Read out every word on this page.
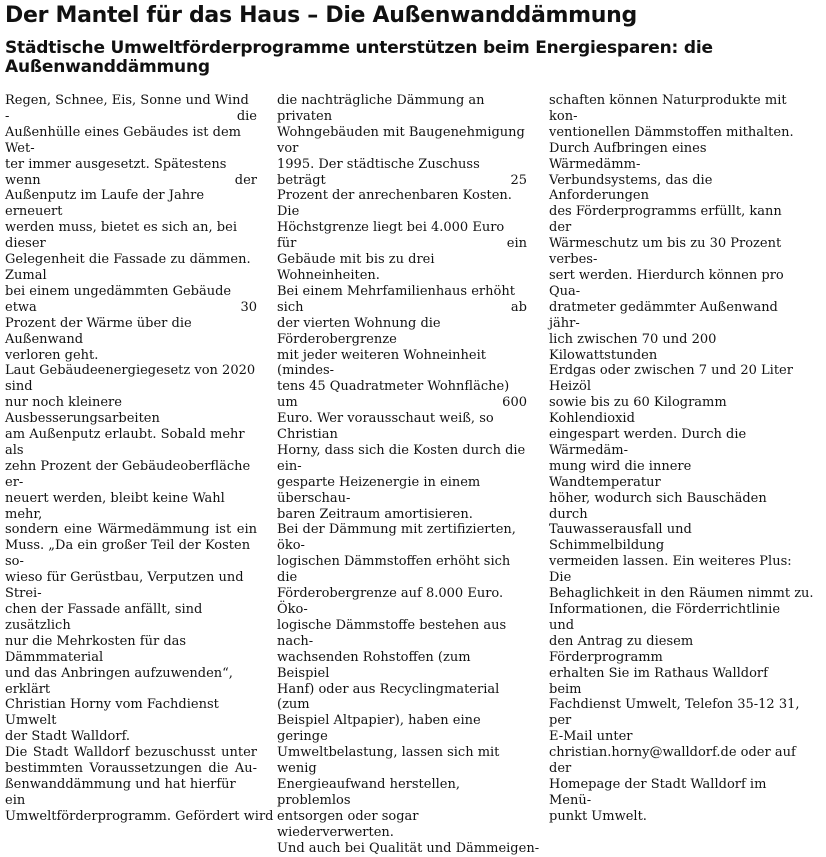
Der Mantel für das Haus – Die Außenwanddämmung
Städtische Umweltförderprogramme unterstützen beim Energiesparen: die Außenwanddämmung
Regen, Schnee, Eis, Sonne und Wind - die
Außenhülle eines Gebäudes ist dem Wet-
ter immer ausgesetzt. Spätestens wenn der
Außenputz im Laufe der Jahre erneuert
werden muss, bietet es sich an, bei dieser
Gelegenheit die Fassade zu dämmen. Zumal
bei einem ungedämmten Gebäude etwa 30
Prozent der Wärme über die Außenwand
verloren geht.
Laut Gebäudeenergiegesetz von 2020 sind
nur noch kleinere Ausbesserungsarbeiten
am Außenputz erlaubt. Sobald mehr als
zehn Prozent der Gebäudeoberfläche er-
neuert werden, bleibt keine Wahl mehr,
sondern eine Wärmedämmung ist ein
Muss. „Da ein großer Teil der Kosten so-
wieso für Gerüstbau, Verputzen und Strei-
chen der Fassade anfällt, sind zusätzlich
nur die Mehrkosten für das Dämmmaterial
und das Anbringen aufzuwenden“, erklärt
Christian Horny vom Fachdienst Umwelt
der Stadt Walldorf.
Die Stadt Walldorf bezuschusst unter
bestimmten Voraussetzungen die Au-
ßenwanddämmung und hat hierfür ein
Umweltförderprogramm. Gefördert wird
die nachträgliche Dämmung an privaten
Wohngebäuden mit Baugenehmigung vor
1995. Der städtische Zuschuss beträgt 25
Prozent der anrechenbaren Kosten. Die
Höchstgrenze liegt bei 4.000 Euro für ein
Gebäude mit bis zu drei Wohneinheiten.
Bei einem Mehrfamilienhaus erhöht sich ab
der vierten Wohnung die Förderobergrenze
mit jeder weiteren Wohneinheit (mindes-
tens 45 Quadratmeter Wohnfläche) um 600
Euro. Wer vorausschaut weiß, so Christian
Horny, dass sich die Kosten durch die ein-
gesparte Heizenergie in einem überschau-
baren Zeitraum amortisieren.
Bei der Dämmung mit zertifizierten, öko-
logischen Dämmstoffen erhöht sich die
Förderobergrenze auf 8.000 Euro. Öko-
logische Dämmstoffe bestehen aus nach-
wachsenden Rohstoffen (zum Beispiel
Hanf) oder aus Recyclingmaterial (zum
Beispiel Altpapier), haben eine geringe
Umweltbelastung, lassen sich mit wenig
Energieaufwand herstellen, problemlos
entsorgen oder sogar wiederverwerten.
Und auch bei Qualität und Dämmeigen-
schaften können Naturprodukte mit kon-
ventionellen Dämmstoffen mithalten.
Durch Aufbringen eines Wärmedämm-
Verbundsystems, das die Anforderungen
des Förderprogramms erfüllt, kann der
Wärmeschutz um bis zu 30 Prozent verbes-
sert werden. Hierdurch können pro Qua-
dratmeter gedämmter Außenwand jähr-
lich zwischen 70 und 200 Kilowattstunden
Erdgas oder zwischen 7 und 20 Liter Heizöl
sowie bis zu 60 Kilogramm Kohlendioxid
eingespart werden. Durch die Wärmedäm-
mung wird die innere Wandtemperatur
höher, wodurch sich Bauschäden durch
Tauwasserausfall und Schimmelbildung
vermeiden lassen. Ein weiteres Plus: Die
Behaglichkeit in den Räumen nimmt zu.
Informationen, die Förderrichtlinie und
den Antrag zu diesem Förderprogramm
erhalten Sie im Rathaus Walldorf beim
Fachdienst Umwelt, Telefon 35-12 31, per
E-Mail unter
christian.horny@walldorf.de oder auf der
Homepage der Stadt Walldorf im Menü-
punkt Umwelt.
